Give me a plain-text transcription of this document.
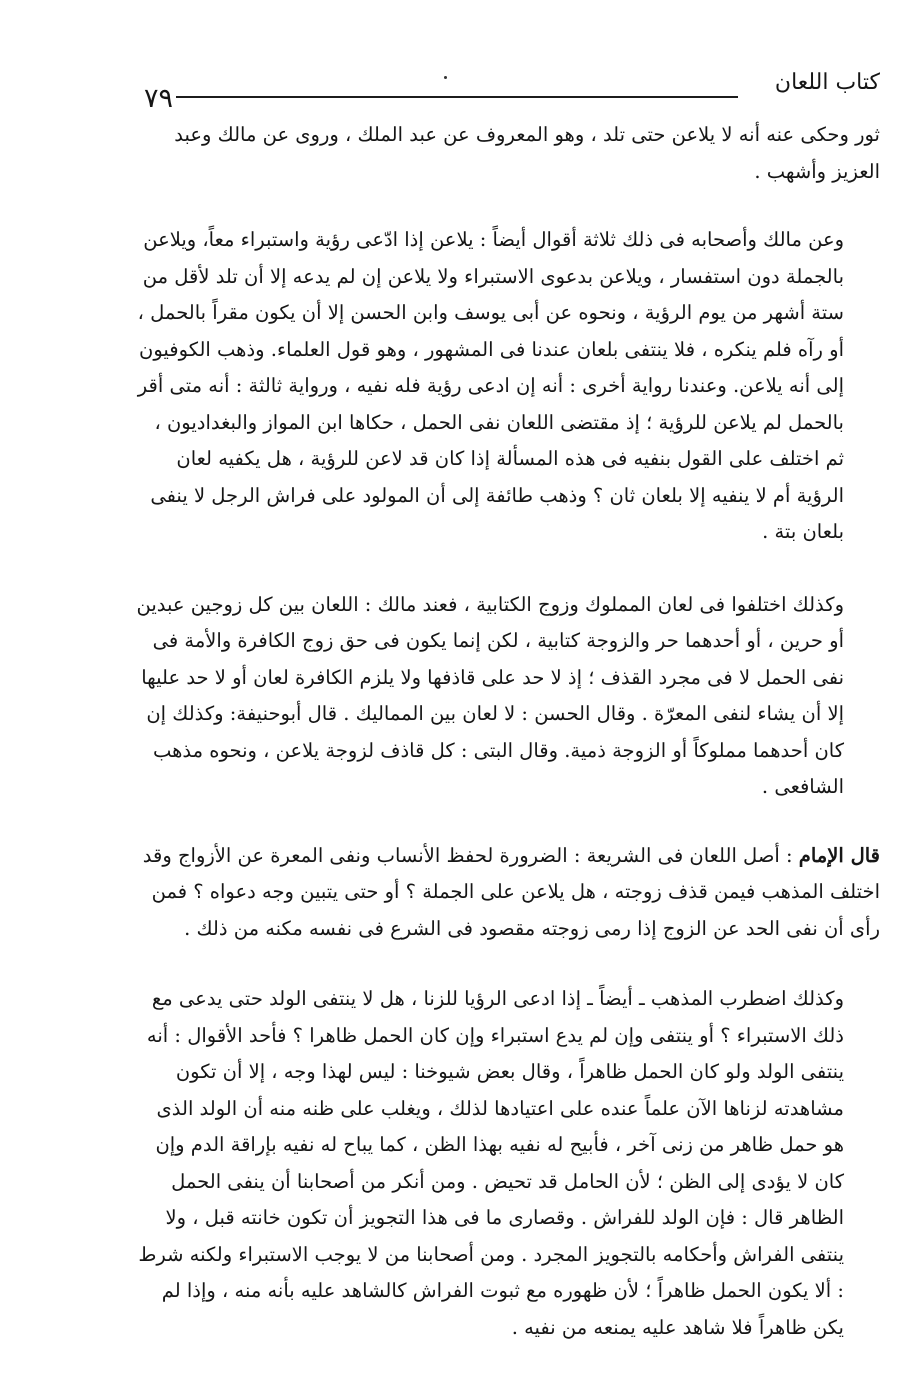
٧٩
كتاب اللعان

ثور وحكى عنه أنه لا يلاعن حتى تلد ، وهو المعروف عن عبد الملك ، وروى عن مالك وعبد العزيز وأشهب .

وعن مالك وأصحابه فى ذلك ثلاثة أقوال أيضاً : يلاعن إذا ادّعى رؤية واستبراء معاً، ويلاعن بالجملة دون استفسار ، ويلاعن بدعوى الاستبراء ولا يلاعن إن لم يدعه إلا أن تلد لأقل من ستة أشهر من يوم الرؤية ، ونحوه عن أبى يوسف وابن الحسن إلا أن يكون مقراً بالحمل ، أو رآه فلم ينكره ، فلا ينتفى بلعان عندنا فى المشهور ، وهو قول العلماء. وذهب الكوفيون إلى أنه يلاعن. وعندنا رواية أخرى : أنه إن ادعى رؤية فله نفيه ، ورواية ثالثة : أنه متى أقر بالحمل لم يلاعن للرؤية ؛ إذ مقتضى اللعان نفى الحمل ، حكاها ابن المواز والبغداديون ، ثم اختلف على القول بنفيه فى هذه المسألة إذا كان قد لاعن للرؤية ، هل يكفيه لعان الرؤية أم لا ينفيه إلا بلعان ثان ؟ وذهب طائفة إلى أن المولود على فراش الرجل لا ينفى بلعان بتة .

وكذلك اختلفوا فى لعان المملوك وزوج الكتابية ، فعند مالك : اللعان بين كل زوجين عبدين أو حرين ، أو أحدهما حر والزوجة كتابية ، لكن إنما يكون فى حق زوج الكافرة والأمة فى نفى الحمل لا فى مجرد القذف ؛ إذ لا حد على قاذفها ولا يلزم الكافرة لعان أو لا حد عليها إلا أن يشاء لنفى المعرّة . وقال الحسن : لا لعان بين المماليك . قال أبوحنيفة: وكذلك إن كان أحدهما مملوكاً أو الزوجة ذمية. وقال البتى : كل قاذف لزوجة يلاعن ، ونحوه مذهب الشافعى .

قال الإمام : أصل اللعان فى الشريعة : الضرورة لحفظ الأنساب ونفى المعرة عن الأزواج وقد اختلف المذهب فيمن قذف زوجته ، هل يلاعن على الجملة ؟ أو حتى يتبين وجه دعواه ؟ فمن رأى أن نفى الحد عن الزوج إذا رمى زوجته مقصود فى الشرع فى نفسه مكنه من ذلك .

وكذلك اضطرب المذهب ـ أيضاً ـ إذا ادعى الرؤيا للزنا ، هل لا ينتفى الولد حتى يدعى مع ذلك الاستبراء ؟ أو ينتفى وإن لم يدع استبراء وإن كان الحمل ظاهرا ؟ فأحد الأقوال : أنه ينتفى الولد ولو كان الحمل ظاهراً ، وقال بعض شيوخنا : ليس لهذا وجه ، إلا أن تكون مشاهدته لزناها الآن علماً عنده على اعتيادها لذلك ، ويغلب على ظنه منه أن الولد الذى هو حمل ظاهر من زنى آخر ، فأبيح له نفيه بهذا الظن ، كما يباح له نفيه بإراقة الدم وإن كان لا يؤدى إلى الظن ؛ لأن الحامل قد تحيض . ومن أنكر من أصحابنا أن ينفى الحمل الظاهر قال : فإن الولد للفراش . وقصارى ما فى هذا التجويز أن تكون خانته قبل ، ولا ينتفى الفراش وأحكامه بالتجويز المجرد . ومن أصحابنا من لا يوجب الاستبراء ولكنه شرط : ألا يكون الحمل ظاهراً ؛ لأن ظهوره مع ثبوت الفراش كالشاهد عليه بأنه منه ، وإذا لم يكن ظاهراً فلا شاهد عليه يمنعه من نفيه .
